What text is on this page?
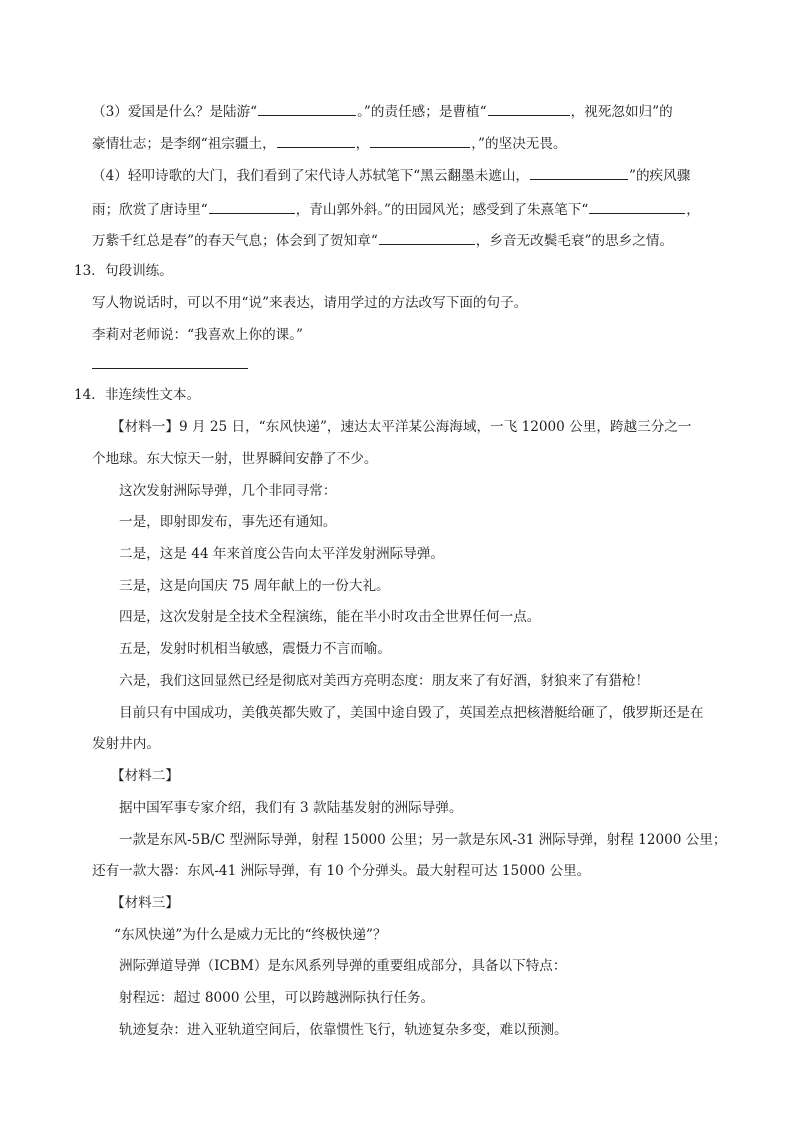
（3）爱国是什么？是陆游“	。”的责任感；是曹植“	，视死忽如归”的
豪情壮志；是李纲“祖宗疆土，	，	，”的坚决无畏。
（4）轻叩诗歌的大门，我们看到了宋代诗人苏轼笔下“黑云翻墨未遮山，	”的疾风骤
雨；欣赏了唐诗里“	，青山郭外斜。”的田园风光；感受到了朱熹笔下“	，
万紫千红总是春”的春天气息；体会到了贺知章“	，乡音无改鬓毛衰”的思乡之情。
13．句段训练。
写人物说话时，可以不用“说”来表达，请用学过的方法改写下面的句子。
李莉对老师说：“我喜欢上你的课。”
14．非连续性文本。
【材料一】9 月 25 日，“东风快递”，速达太平洋某公海海域，一飞 12000 公里，跨越三分之一
个地球。东大惊天一射，世界瞬间安静了不少。
这次发射洲际导弹，几个非同寻常：
一是，即射即发布，事先还有通知。
二是，这是 44 年来首度公告向太平洋发射洲际导弹。
三是，这是向国庆 75 周年献上的一份大礼。
四是，这次发射是全技术全程演练，能在半小时攻击全世界任何一点。
五是，发射时机相当敏感，震慑力不言而喻。
六是，我们这回显然已经是彻底对美西方亮明态度：朋友来了有好酒，豺狼来了有猎枪！
目前只有中国成功，美俄英都失败了，美国中途自毁了，英国差点把核潜艇给砸了，俄罗斯还是在
发射井内。
【材料二】
据中国军事专家介绍，我们有 3 款陆基发射的洲际导弹。
一款是东风-5B/C 型洲际导弹，射程 15000 公里；另一款是东风-31 洲际导弹，射程 12000 公里；
还有一款大器：东风-41 洲际导弹，有 10 个分弹头。最大射程可达 15000 公里。
【材料三】
“东风快递”为什么是威力无比的“终极快递”？
洲际弹道导弹（ICBM）是东风系列导弹的重要组成部分，具备以下特点：
射程远：超过 8000 公里，可以跨越洲际执行任务。
轨迹复杂：进入亚轨道空间后，依靠惯性飞行，轨迹复杂多变，难以预测。
